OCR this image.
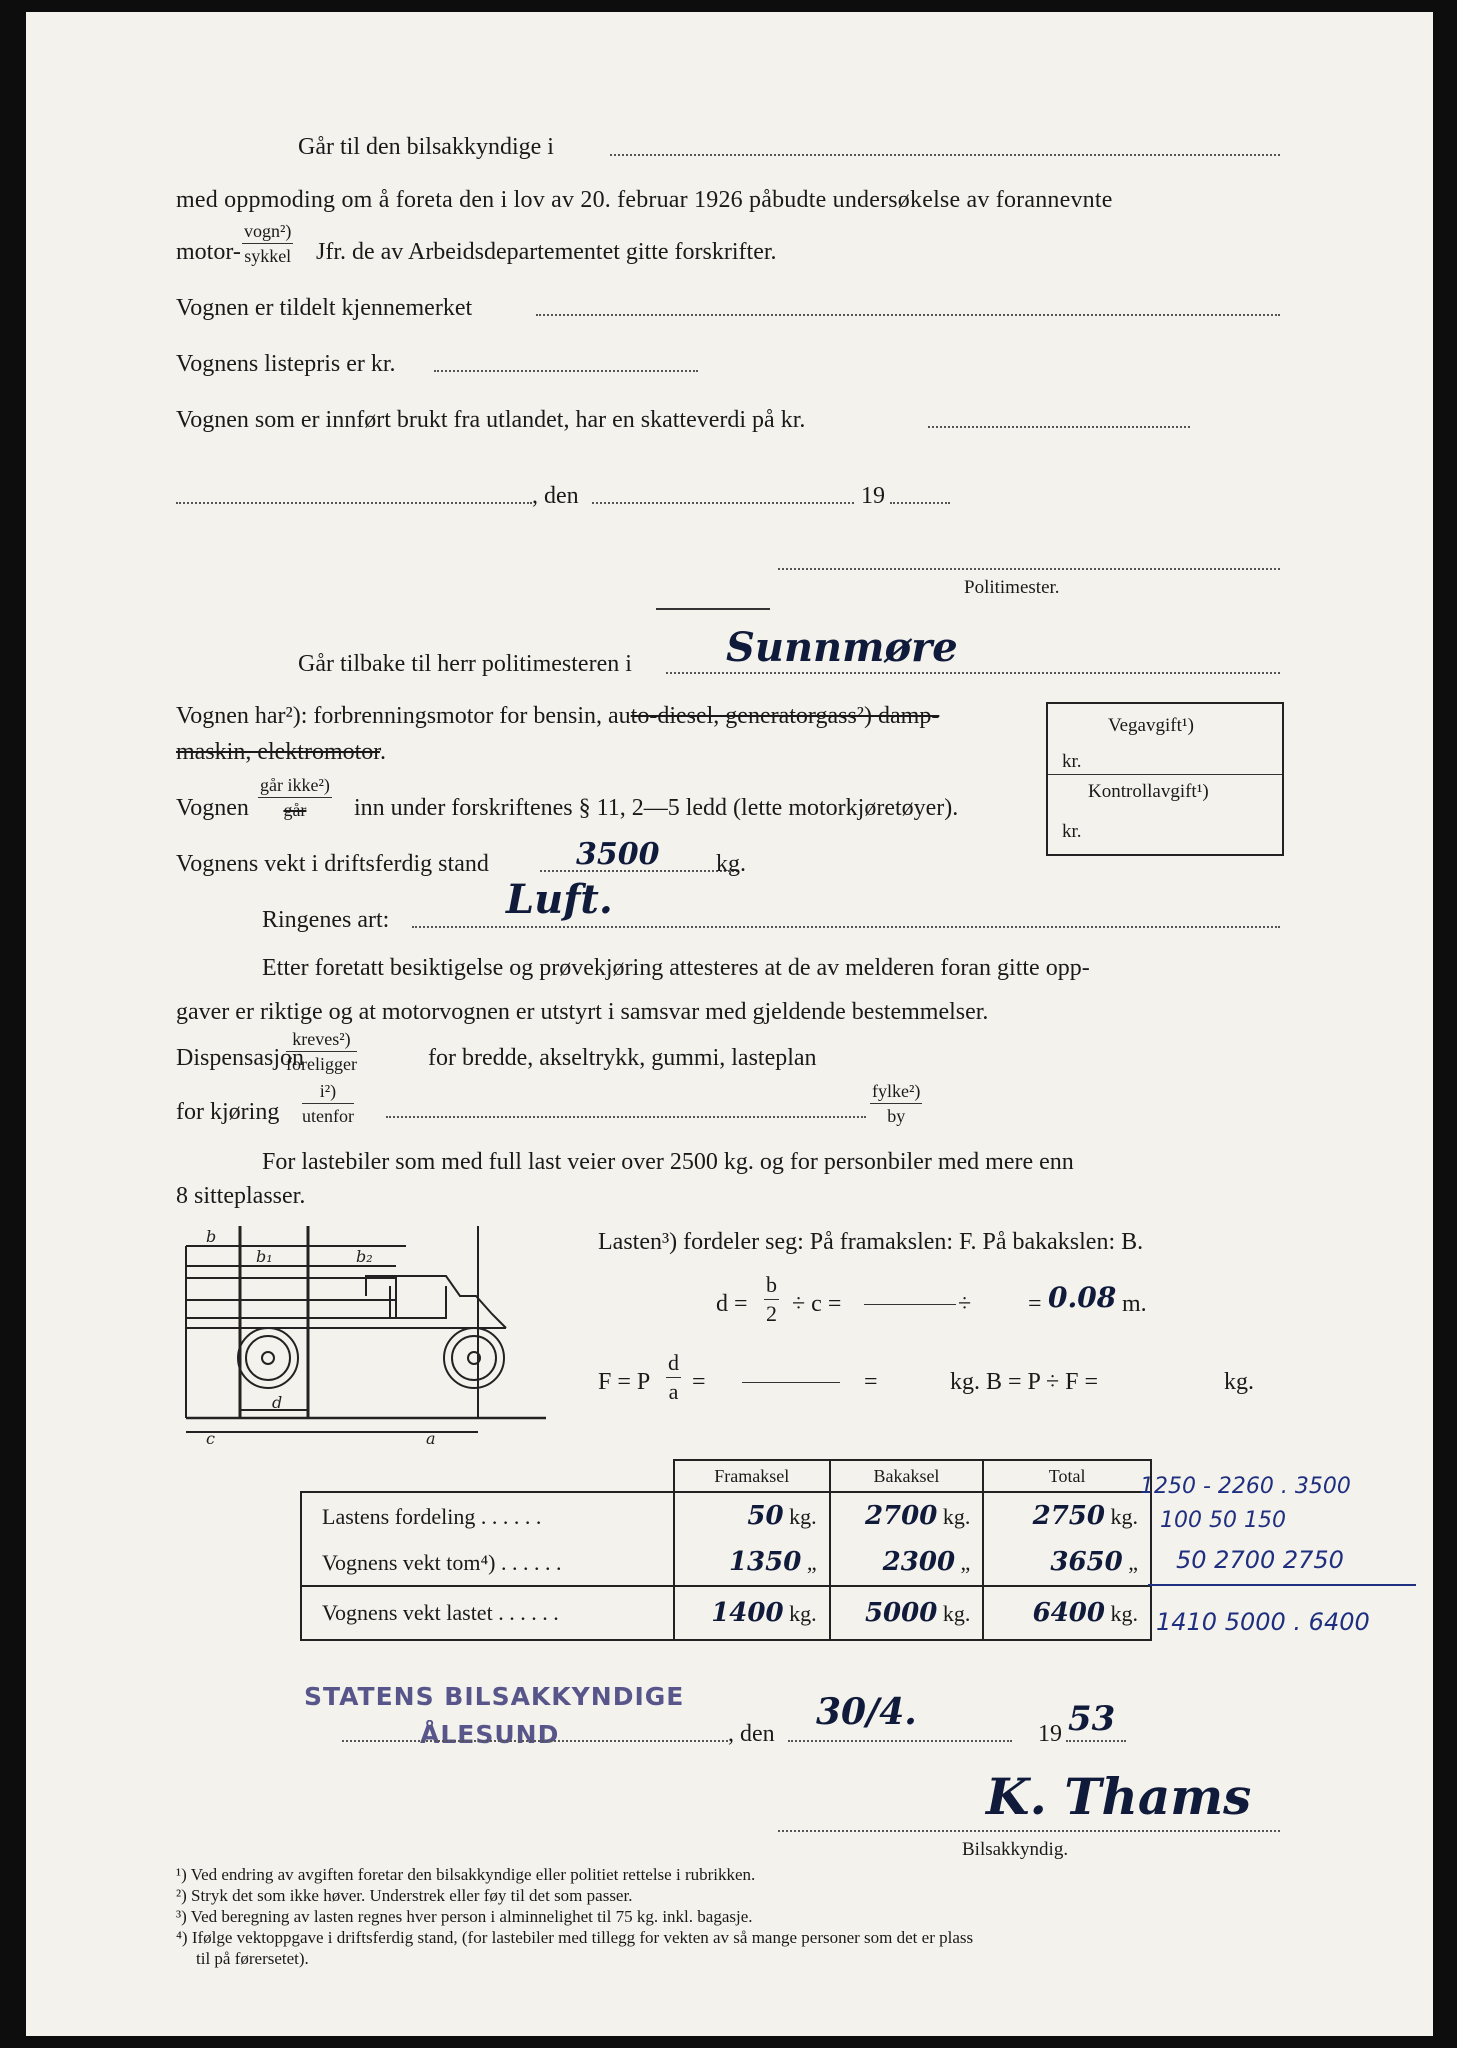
Går til den bilsakkyndige i
med oppmoding om å foreta den i lov av 20. februar 1926 påbudte undersøkelse av forannevnte
motor-
vogn²)
sykkel Jfr. de av Arbeidsdepartementet gitte forskrifter.
Vognen er tildelt kjennemerket
Vognens listepris er kr.
Vognen som er innført brukt fra utlandet, har en skatteverdi på kr.
, den	19
Politimester.
Går tilbake til herr politimesteren i Sunnmøre
Vognen har²): forbrenningsmotor for bensin, auto-diesel, generatorgass²) damp-
maskin, elektromotor.
Vognen
går ikke²)
går	inn under forskriftenes § 11, 2—5 ledd (lette motorkjøretøyer).
Vognens vekt i driftsferdig stand	3500 kg.
Ringenes art:	Luft.
Etter foretatt besiktigelse og prøvekjøring attesteres at de av melderen foran gitte opp-
gaver er riktige og at motorvognen er utstyrt i samsvar med gjeldende bestemmelser.
Dispensasjon
kreves²)
foreligger	for bredde, akseltrykk, gummi, lasteplan
for kjøring
i²)
utenfor
fylke²)
by
Vegavgift¹)
kr.
Kontrollavgift¹)
kr.
For lastebiler som med full last veier over 2500 kg. og for personbiler med mere enn
8 sitteplasser.
b
b₁	b₂
c
d
a
Lasten³) fordeler seg: På framakslen: F. På bakakslen: B.
$d = \frac{b}{2} \div c$ =	÷ = 0.08 m.
F = P $\frac{d}{a}$ =	=	kg. B = P ÷ F =	kg.
	Framaksel	Bakaksel	Total
Lastens fordeling . . . . . .	50 kg.	2700 kg.	2750 kg.
Vognens vekt tom⁴) . . . . . .	1350 „	2300 „	3650 „
Vognens vekt lastet . . . . . .	1400 kg.	5000 kg.	6400 kg.
1250 - 2260 . 3500
100 50 150
50 2700 2750
1410 5000 . 6400
STATENS BILSAKKYNDIGE
ÅLESUND	, den
30/4.
19 53
K. Thams
Bilsakkyndig.
¹) Ved endring av avgiften foretar den bilsakkyndige eller politiet rettelse i rubrikken.
²) Stryk det som ikke høver. Understrek eller føy til det som passer.
³) Ved beregning av lasten regnes hver person i alminnelighet til 75 kg. inkl. bagasje.
⁴) Ifølge vektoppgave i driftsferdig stand, (for lastebiler med tillegg for vekten av så mange personer som det er plass
til på førersetet).
